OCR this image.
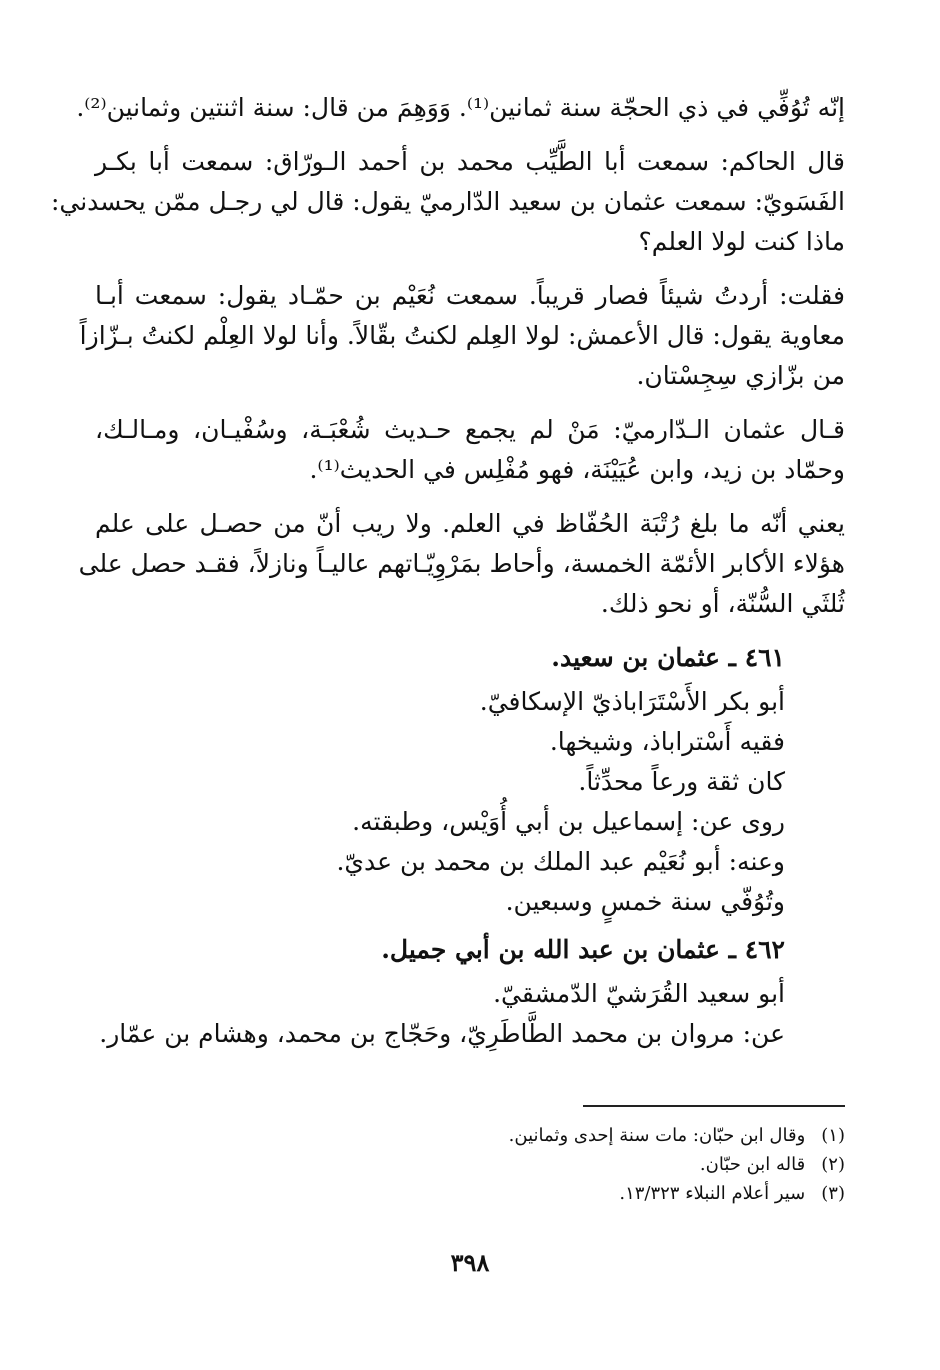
إنّه تُوُفِّي في ذي الحجّة سنة ثمانين⁽¹⁾. وَوَهِمَ من قال: سنة اثنتين وثمانين⁽²⁾.

قال الحاكم: سمعت أبا الطَّيِّب محمد بن أحمد الـورّاق: سمعت أبا بكـر
الفَسَويّ: سمعت عثمان بن سعيد الدّارميّ يقول: قال لي رجـل ممّن يحسدني:
ماذا كنت لولا العلم؟

فقلت: أردتُ شيئاً فصار قريباً. سمعت نُعَيْم بن حمّـاد يقول: سمعت أبـا
معاوية يقول: قال الأعمش: لولا العِلم لكنتُ بقّالاً. وأنا لولا العِلْم لكنتُ بـزّازاً
من بزّازي سِجِسْتان.

قـال عثمان الـدّارميّ: مَنْ لم يجمع حـديث شُعْبَـة، وسُفْيـان، ومـالـك،
وحمّاد بن زيد، وابن عُيَيْنَة، فهو مُفْلِس في الحديث⁽¹⁾.

يعني أنّه ما بلغ رُتْبَة الحُفّاظ في العلم. ولا ريب أنّ من حصـل على علم
هؤلاء الأكابر الأئمّة الخمسة، وأحاط بمَرْوِيّـاتهم عاليـاً ونازلاً، فقـد حصل على
ثُلثَي السُّنّة، أو نحو ذلك.

٤٦١ ـ عثمان بن سعيد.

أبو بكر الأَسْتَرَاباذيّ الإسكافيّ.

فقيه أَسْتراباذ، وشيخها.

كان ثقة ورعاً محدِّثاً.

روى عن: إسماعيل بن أبي أُوَيْس، وطبقته.

وعنه: أبو نُعَيْم عبد الملك بن محمد بن عديّ.

وتُوُفّي سنة خمسٍ وسبعين.

٤٦٢ ـ عثمان بن عبد الله بن أبي جميل.

أبو سعيد القُرَشيّ الدّمشقيّ.

عن: مروان بن محمد الطَّاطَرِيّ، وحَجّاج بن محمد، وهشام بن عمّار.

(١) وقال ابن حبّان: مات سنة إحدى وثمانين.

(٢) قاله ابن حبّان.

(٣) سير أعلام النبلاء ١٣/٣٢٣.

٣٩٨
